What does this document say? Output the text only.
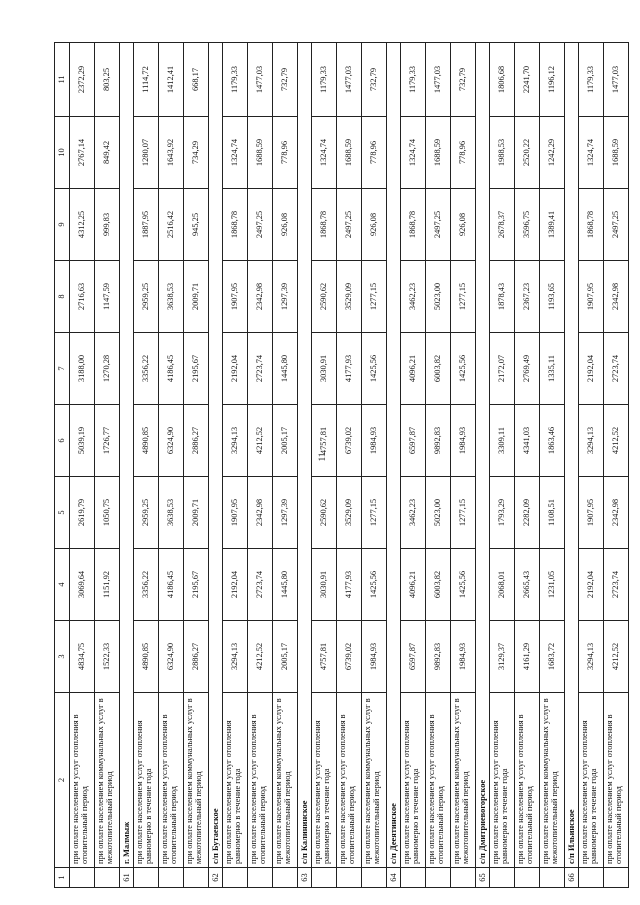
11
1	2	3	4	5	6	7	8	9	10	11
	при оплате населением услуг отопления в отопительный период	4834,75	3069,64	2619,79	5039,19	3188,00	2716,63	4312,25	2767,14	2372,29
	при оплате населением коммунальных услуг в межотопительный период	1522,33	1151,92	1050,75	1726,77	1270,28	1147,59	999,83	849,42	803,25
61	г. Малмыж									
	при оплате населением услуг отопления равномерно в течение года	4890,85	3356,22	2959,25	4890,85	3356,22	2959,25	1887,95	1280,07	1114,72
	при оплате населением услуг отопления в отопительный период	6324,90	4186,45	3638,53	6324,90	4186,45	3638,53	2516,42	1643,92	1412,41
	при оплате населением коммунальных услуг в межотопительный период	2886,27	2195,67	2009,71	2886,27	2195,67	2009,71	945,25	734,29	668,17
62	с/п Бутаевское									
	при оплате населением услуг отопления равномерно в течение года	3294,13	2192,04	1907,95	3294,13	2192,04	1907,95	1868,78	1324,74	1179,33
	при оплате населением услуг отопления в отопительный период	4212,52	2723,74	2342,98	4212,52	2723,74	2342,98	2497,25	1688,59	1477,03
	при оплате населением коммунальных услуг в межотопительный период	2005,17	1445,80	1297,39	2005,17	1445,80	1297,39	926,08	778,96	732,79
63	с/п Калининское									
	при оплате населением услуг отопления равномерно в течение года	4757,81	3030,91	2590,62	4757,81	3030,91	2590,62	1868,78	1324,74	1179,33
	при оплате населением услуг отопления в отопительный период	6739,02	4177,93	3529,09	6739,02	4177,93	3529,09	2497,25	1688,59	1477,03
	при оплате населением коммунальных услуг в межотопительный период	1984,93	1425,56	1277,15	1984,93	1425,56	1277,15	926,08	778,96	732,79
64	с/п Дееятинское									
	при оплате населением услуг отопления равномерно в течение года	6597,87	4096,21	3462,23	6597,87	4096,21	3462,23	1868,78	1324,74	1179,33
	при оплате населением услуг отопления в отопительный период	9892,83	6003,82	5023,00	9892,83	6003,82	5023,00	2497,25	1688,59	1477,03
	при оплате населением коммунальных услуг в межотопительный период	1984,93	1425,56	1277,15	1984,93	1425,56	1277,15	926,08	778,96	732,79
65	с/п Дмитриевогорское									
	при оплате населением услуг отопления равномерно в течение года	3129,37	2068,01	1793,29	3309,11	2172,07	1878,43	2678,37	1988,53	1806,68
	при оплате населением услуг отопления в отопительный период	4161,29	2665,43	2282,09	4341,03	2769,49	2367,23	3596,75	2520,22	2241,70
	при оплате населением коммунальных услуг в межотопительный период	1683,72	1231,05	1108,51	1863,46	1335,11	1193,65	1389,41	1242,29	1196,12
66	с/п Ильинское									
	при оплате населением услуг отопления равномерно в течение года	3294,13	2192,04	1907,95	3294,13	2192,04	1907,95	1868,78	1324,74	1179,33
	при оплате населением услуг отопления в отопительный период	4212,52	2723,74	2342,98	4212,52	2723,74	2342,98	2497,25	1688,59	1477,03
